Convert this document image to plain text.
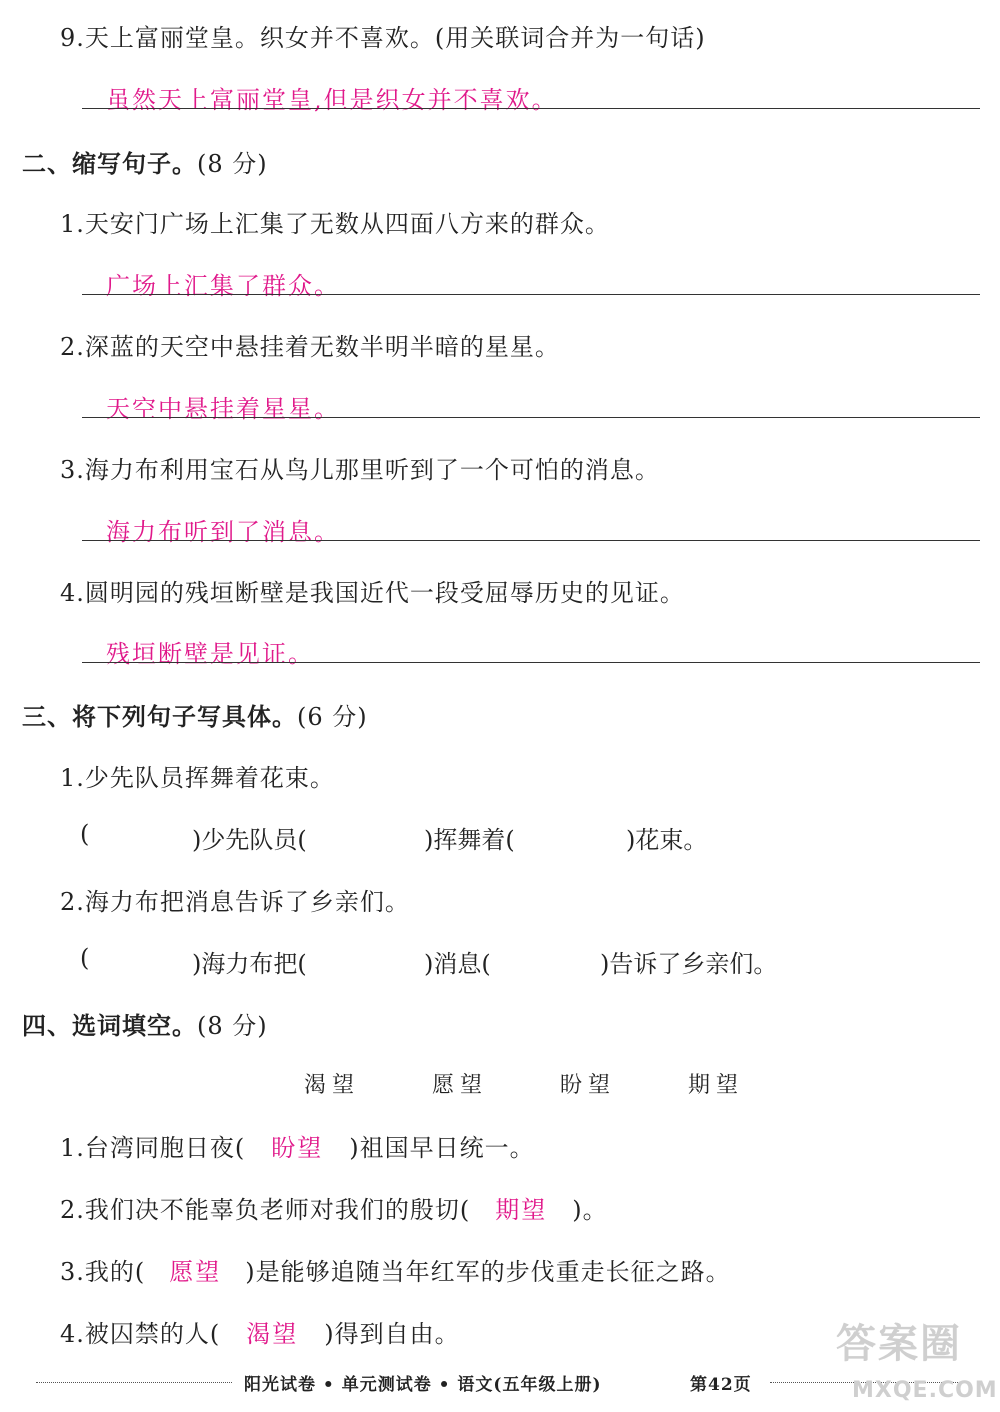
9.天上富丽堂皇。织女并不喜欢。(用关联词合并为一句话)
虽然天上富丽堂皇,但是织女并不喜欢。
二、缩写句子。(8 分)
1.天安门广场上汇集了无数从四面八方来的群众。
广场上汇集了群众。
2.深蓝的天空中悬挂着无数半明半暗的星星。
天空中悬挂着星星。
3.海力布利用宝石从鸟儿那里听到了一个可怕的消息。
海力布听到了消息。
4.圆明园的残垣断壁是我国近代一段受屈辱历史的见证。
残垣断壁是见证。
三、将下列句子写具体。(6 分)
1.少先队员挥舞着花束。
(	)少先队员(	)挥舞着(	)花束。
2.海力布把消息告诉了乡亲们。
(	)海力布把(	)消息(	)告诉了乡亲们。
四、选词填空。(8 分)
渴望	愿望	盼望	期望
1.台湾同胞日夜( 盼望 )祖国早日统一。
2.我们决不能辜负老师对我们的殷切( 期望 )。
3.我的( 愿望 )是能够追随当年红军的步伐重走长征之路。
4.被囚禁的人( 渴望 )得到自由。
阳光试卷 • 单元测试卷 • 语文(五年级上册)	第42页
答案圈
MXQE.COM
